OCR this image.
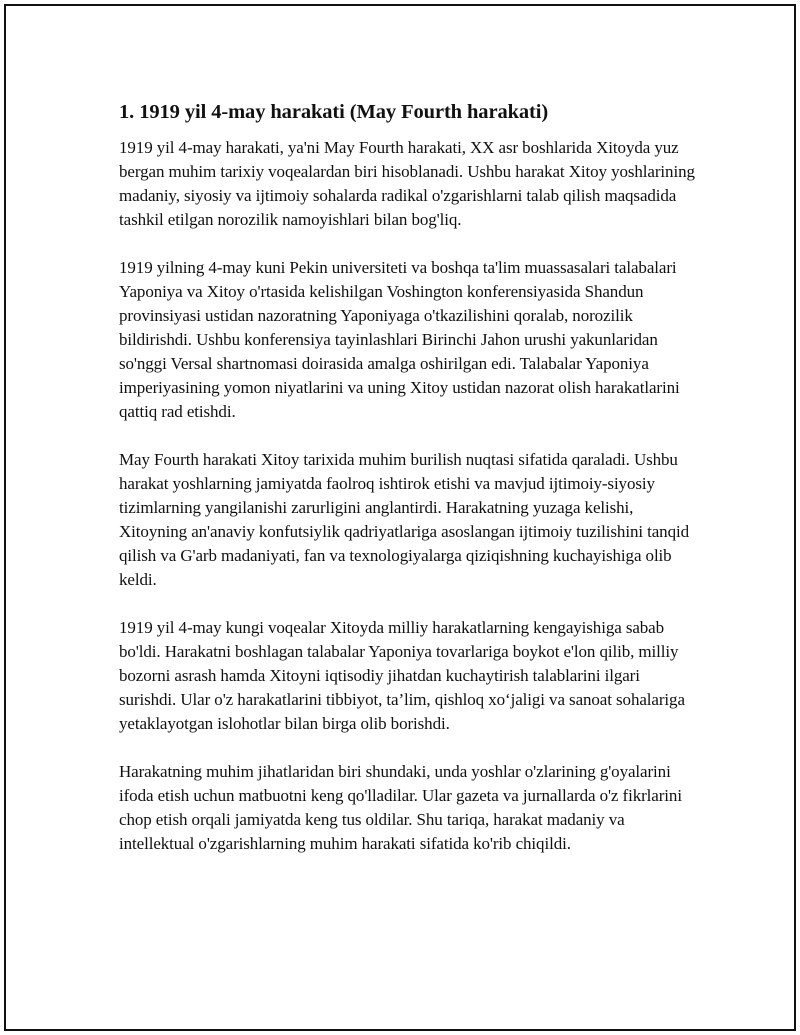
1. 1919 yil 4-may harakati (May Fourth harakati)

1919 yil 4-may harakati, ya'ni May Fourth harakati, XX asr boshlarida Xitoyda yuz bergan muhim tarixiy voqealardan biri hisoblanadi. Ushbu harakat Xitoy yoshlarining madaniy, siyosiy va ijtimoiy sohalarda radikal o'zgarishlarni talab qilish maqsadida tashkil etilgan norozilik namoyishlari bilan bog'liq.

1919 yilning 4-may kuni Pekin universiteti va boshqa ta'lim muassasalari talabalari Yaponiya va Xitoy o'rtasida kelishilgan Voshington konferensiyasida Shandun provinsiyasi ustidan nazoratning Yaponiyaga o'tkazilishini qoralab, norozilik bildirishdi. Ushbu konferensiya tayinlashlari Birinchi Jahon urushi yakunlaridan so'nggi Versal shartnomasi doirasida amalga oshirilgan edi. Talabalar Yaponiya imperiyasining yomon niyatlarini va uning Xitoy ustidan nazorat olish harakatlarini qattiq rad etishdi.

May Fourth harakati Xitoy tarixida muhim burilish nuqtasi sifatida qaraladi. Ushbu harakat yoshlarning jamiyatda faolroq ishtirok etishi va mavjud ijtimoiy-siyosiy tizimlarning yangilanishi zarurligini anglantirdi. Harakatning yuzaga kelishi, Xitoyning an'anaviy konfutsiylik qadriyatlariga asoslangan ijtimoiy tuzilishini tanqid qilish va G'arb madaniyati, fan va texnologiyalarga qiziqishning kuchayishiga olib keldi.

1919 yil 4-may kungi voqealar Xitoyda milliy harakatlarning kengayishiga sabab bo'ldi. Harakatni boshlagan talabalar Yaponiya tovarlariga boykot e'lon qilib, milliy bozorni asrash hamda Xitoyni iqtisodiy jihatdan kuchaytirish talablarini ilgari surishdi. Ular o'z harakatlarini tibbiyot, ta’lim, qishloq xo‘jaligi va sanoat sohalariga yetaklayotgan islohotlar bilan birga olib borishdi.

Harakatning muhim jihatlaridan biri shundaki, unda yoshlar o'zlarining g'oyalarini ifoda etish uchun matbuotni keng qo'lladilar. Ular gazeta va jurnallarda o'z fikrlarini chop etish orqali jamiyatda keng tus oldilar. Shu tariqa, harakat madaniy va intellektual o'zgarishlarning muhim harakati sifatida ko'rib chiqildi.
